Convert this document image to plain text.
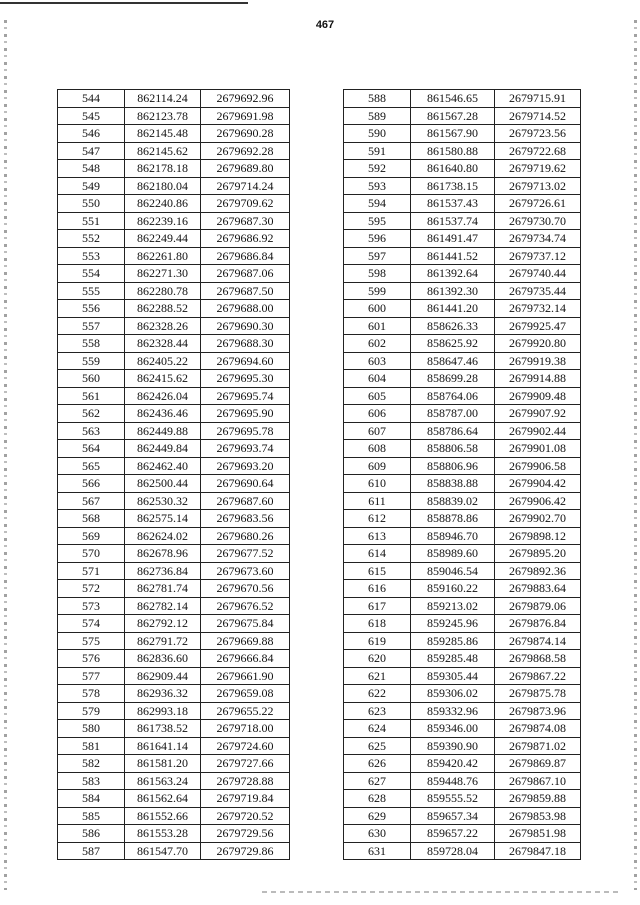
467
544	862114.24	2679692.96
545	862123.78	2679691.98
546	862145.48	2679690.28
547	862145.62	2679692.28
548	862178.18	2679689.80
549	862180.04	2679714.24
550	862240.86	2679709.62
551	862239.16	2679687.30
552	862249.44	2679686.92
553	862261.80	2679686.84
554	862271.30	2679687.06
555	862280.78	2679687.50
556	862288.52	2679688.00
557	862328.26	2679690.30
558	862328.44	2679688.30
559	862405.22	2679694.60
560	862415.62	2679695.30
561	862426.04	2679695.74
562	862436.46	2679695.90
563	862449.88	2679695.78
564	862449.84	2679693.74
565	862462.40	2679693.20
566	862500.44	2679690.64
567	862530.32	2679687.60
568	862575.14	2679683.56
569	862624.02	2679680.26
570	862678.96	2679677.52
571	862736.84	2679673.60
572	862781.74	2679670.56
573	862782.14	2679676.52
574	862792.12	2679675.84
575	862791.72	2679669.88
576	862836.60	2679666.84
577	862909.44	2679661.90
578	862936.32	2679659.08
579	862993.18	2679655.22
580	861738.52	2679718.00
581	861641.14	2679724.60
582	861581.20	2679727.66
583	861563.24	2679728.88
584	861562.64	2679719.84
585	861552.66	2679720.52
586	861553.28	2679729.56
587	861547.70	2679729.86
588	861546.65	2679715.91
589	861567.28	2679714.52
590	861567.90	2679723.56
591	861580.88	2679722.68
592	861640.80	2679719.62
593	861738.15	2679713.02
594	861537.43	2679726.61
595	861537.74	2679730.70
596	861491.47	2679734.74
597	861441.52	2679737.12
598	861392.64	2679740.44
599	861392.30	2679735.44
600	861441.20	2679732.14
601	858626.33	2679925.47
602	858625.92	2679920.80
603	858647.46	2679919.38
604	858699.28	2679914.88
605	858764.06	2679909.48
606	858787.00	2679907.92
607	858786.64	2679902.44
608	858806.58	2679901.08
609	858806.96	2679906.58
610	858838.88	2679904.42
611	858839.02	2679906.42
612	858878.86	2679902.70
613	858946.70	2679898.12
614	858989.60	2679895.20
615	859046.54	2679892.36
616	859160.22	2679883.64
617	859213.02	2679879.06
618	859245.96	2679876.84
619	859285.86	2679874.14
620	859285.48	2679868.58
621	859305.44	2679867.22
622	859306.02	2679875.78
623	859332.96	2679873.96
624	859346.00	2679874.08
625	859390.90	2679871.02
626	859420.42	2679869.87
627	859448.76	2679867.10
628	859555.52	2679859.88
629	859657.34	2679853.98
630	859657.22	2679851.98
631	859728.04	2679847.18
